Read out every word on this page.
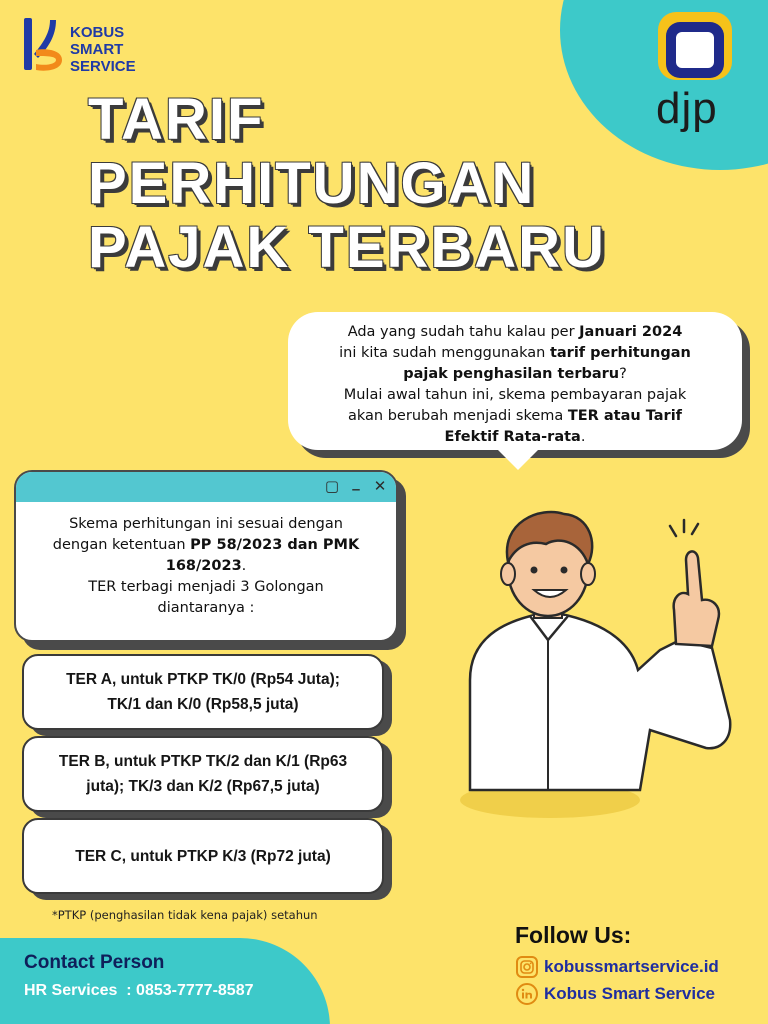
KOBUS
SMART
SERVICE
djp
TARIF
PERHITUNGAN
PAJAK TERBARU
Ada yang sudah tahu kalau per Januari 2024
ini kita sudah menggunakan tarif perhitungan
pajak penghasilan terbaru?
Mulai awal tahun ini, skema pembayaran pajak
akan berubah menjadi skema TER atau Tarif
Efektif Rata-rata.
▢ _ ✕
Skema perhitungan ini sesuai dengan
dengan ketentuan PP 58/2023 dan PMK
168/2023.
TER terbagi menjadi 3 Golongan
diantaranya :
TER A, untuk PTKP TK/0 (Rp54 Juta); TK/1 dan K/0 (Rp58,5 juta)
TER B, untuk PTKP TK/2 dan K/1 (Rp63 juta); TK/3 dan K/2 (Rp67,5 juta)
TER C, untuk PTKP K/3 (Rp72 juta)
*PTKP (penghasilan tidak kena pajak) setahun
Follow Us:
kobussmartservice.id
Kobus Smart Service
Contact Person
HR Services  : 0853-7777-8587
